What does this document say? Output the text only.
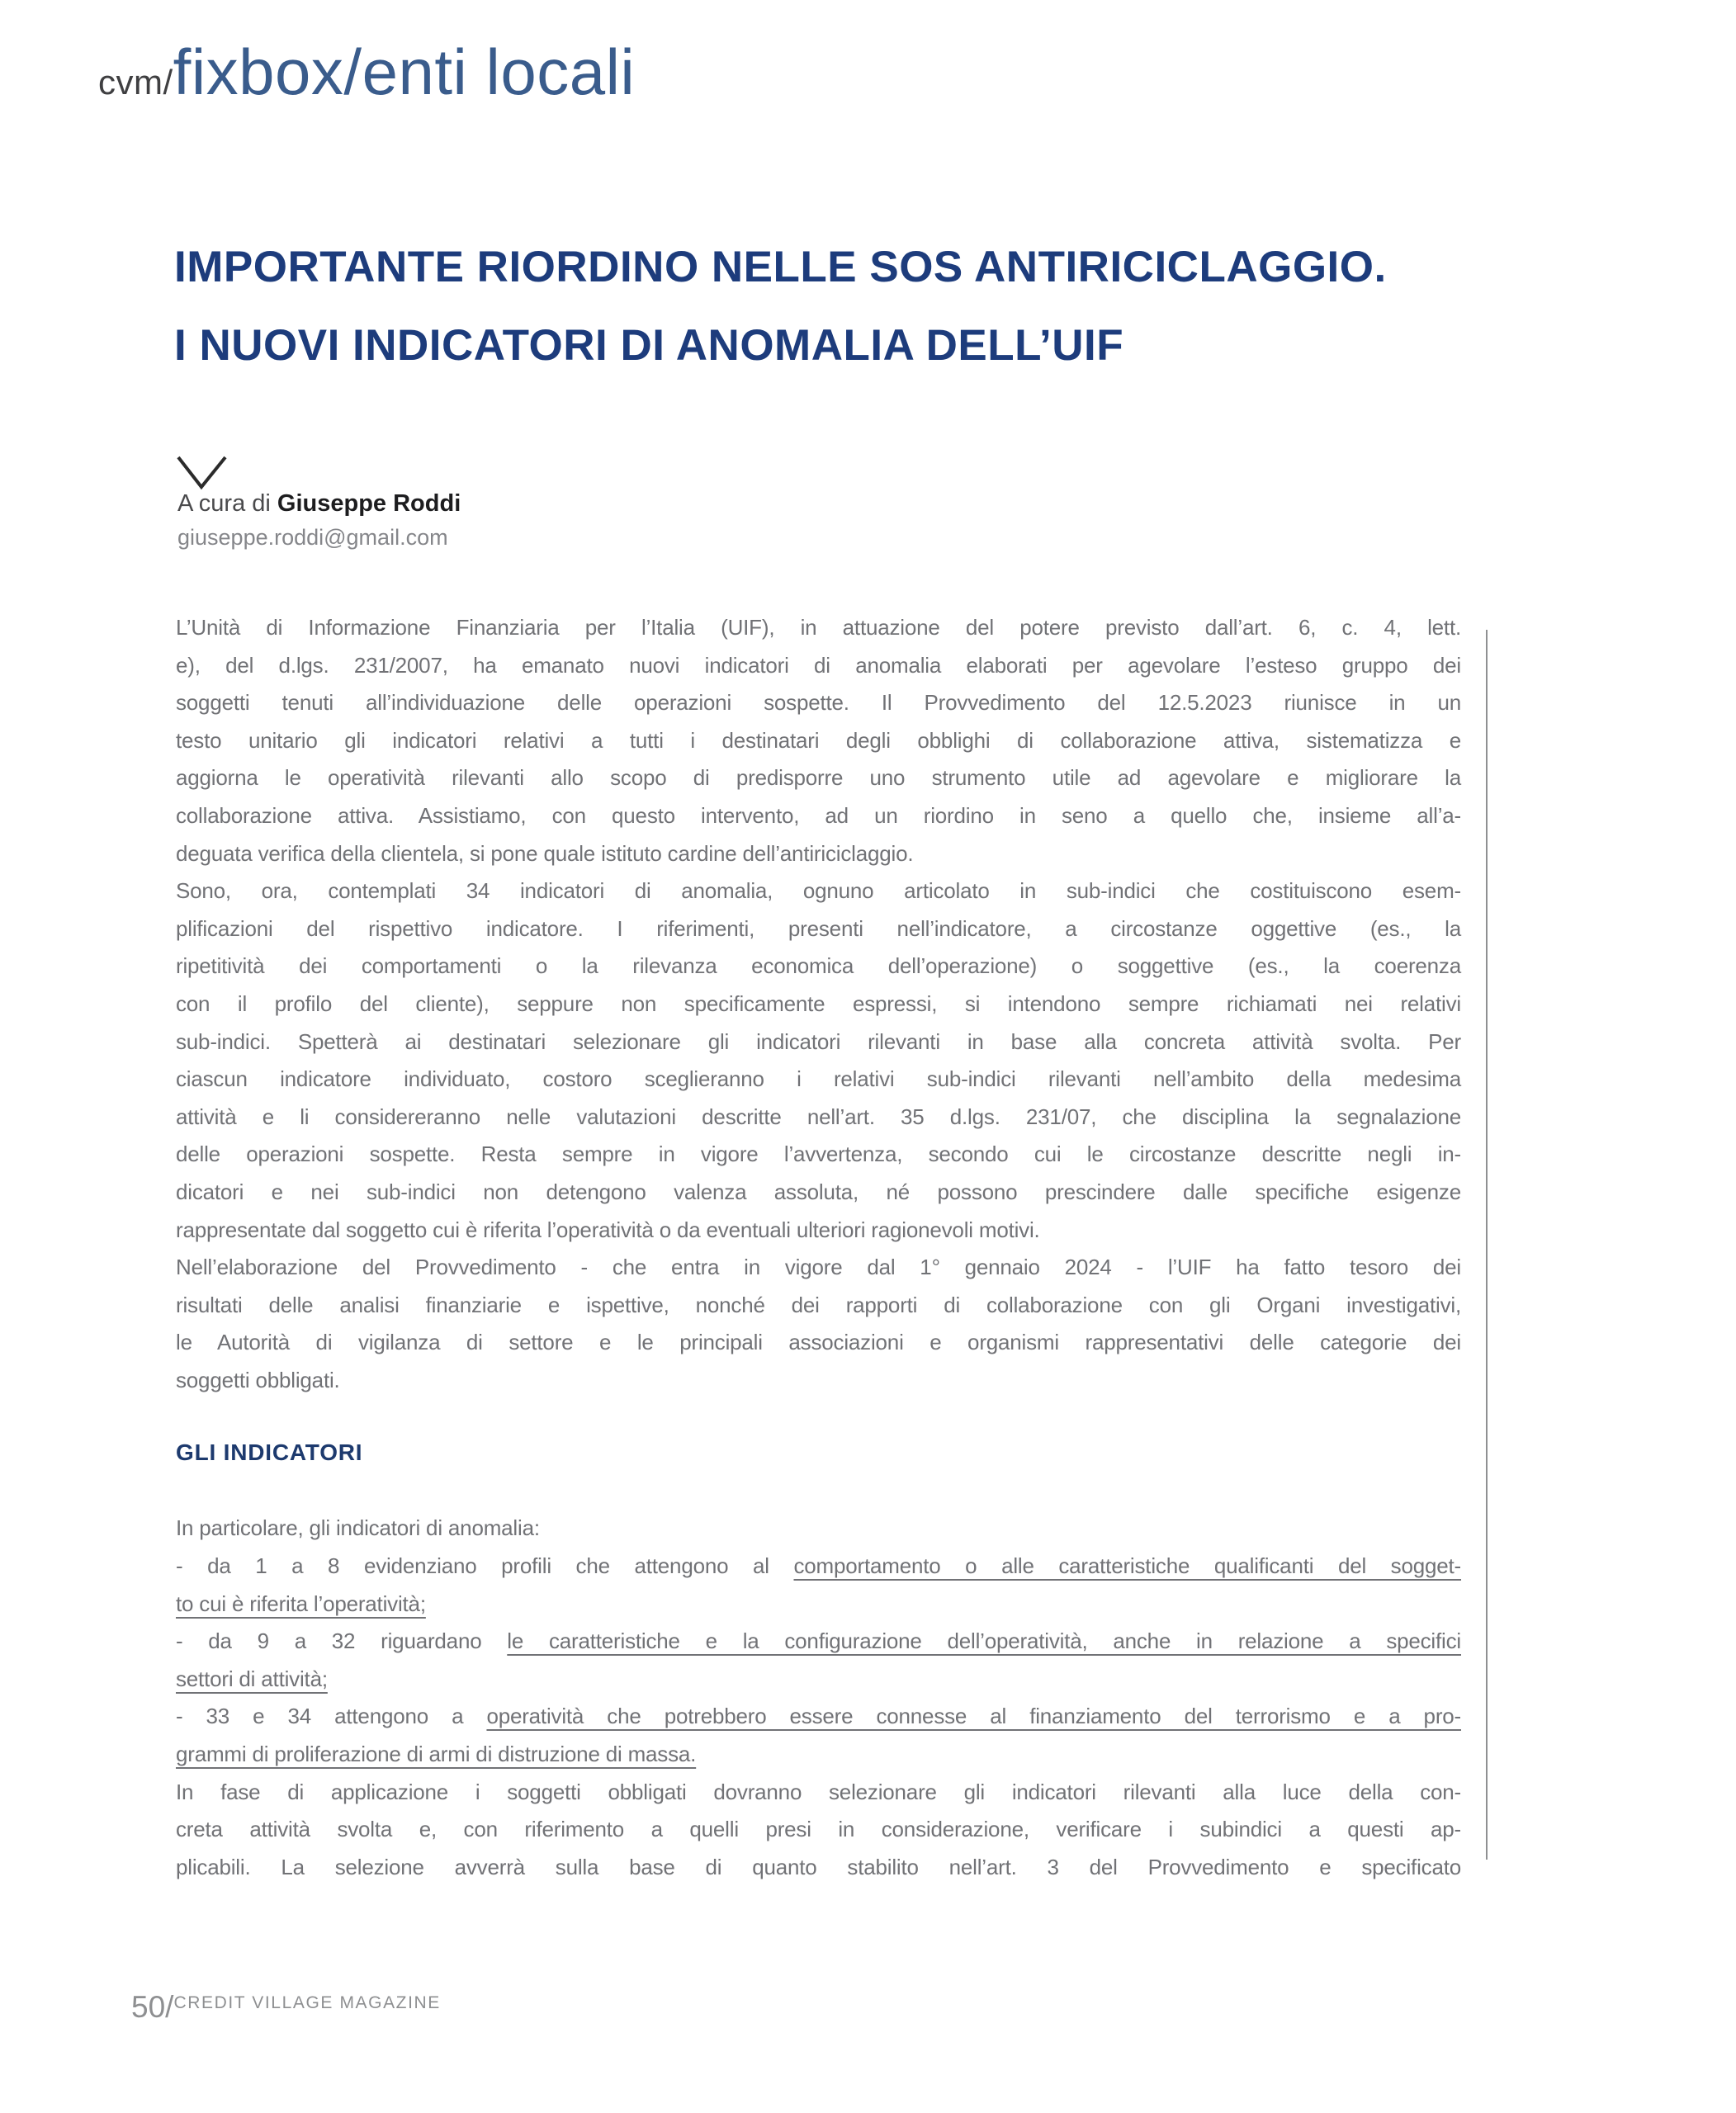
cvm/fixbox/enti locali
IMPORTANTE RIORDINO NELLE SOS ANTIRICICLAGGIO.
I NUOVI INDICATORI DI ANOMALIA DELL’UIF
A cura di Giuseppe Roddi
giuseppe.roddi@gmail.com
L’Unità di Informazione Finanziaria per l’Italia (UIF), in attuazione del potere previsto dall’art. 6, c. 4, lett.
e), del d.lgs. 231/2007, ha emanato nuovi indicatori di anomalia elaborati per agevolare l’esteso gruppo dei
soggetti tenuti all’individuazione delle operazioni sospette. Il Provvedimento del 12.5.2023 riunisce in un
testo unitario gli indicatori relativi a tutti i destinatari degli obblighi di collaborazione attiva, sistematizza e
aggiorna le operatività rilevanti allo scopo di predisporre uno strumento utile ad agevolare e migliorare la
collaborazione attiva. Assistiamo, con questo intervento, ad un riordino in seno a quello che, insieme all’a-
deguata verifica della clientela, si pone quale istituto cardine dell’antiriciclaggio.
Sono, ora, contemplati 34 indicatori di anomalia, ognuno articolato in sub-indici che costituiscono esem-
plificazioni del rispettivo indicatore. I riferimenti, presenti nell’indicatore, a circostanze oggettive (es., la
ripetitività dei comportamenti o la rilevanza economica dell’operazione) o soggettive (es., la coerenza
con il profilo del cliente), seppure non specificamente espressi, si intendono sempre richiamati nei relativi
sub-indici. Spetterà ai destinatari selezionare gli indicatori rilevanti in base alla concreta attività svolta. Per
ciascun indicatore individuato, costoro sceglieranno i relativi sub-indici rilevanti nell’ambito della medesima
attività e li considereranno nelle valutazioni descritte nell’art. 35 d.lgs. 231/07, che disciplina la segnalazione
delle operazioni sospette. Resta sempre in vigore l’avvertenza, secondo cui le circostanze descritte negli in-
dicatori e nei sub-indici non detengono valenza assoluta, né possono prescindere dalle specifiche esigenze
rappresentate dal soggetto cui è riferita l’operatività o da eventuali ulteriori ragionevoli motivi.
Nell’elaborazione del Provvedimento - che entra in vigore dal 1° gennaio 2024 - l’UIF ha fatto tesoro dei
risultati delle analisi finanziarie e ispettive, nonché dei rapporti di collaborazione con gli Organi investigativi,
le Autorità di vigilanza di settore e le principali associazioni e organismi rappresentativi delle categorie dei
soggetti obbligati.
GLI INDICATORI
In particolare, gli indicatori di anomalia:
- da 1 a 8 evidenziano profili che attengono al comportamento o alle caratteristiche qualificanti del sogget-
to cui è riferita l’operatività;
- da 9 a 32 riguardano le caratteristiche e la configurazione dell’operatività, anche in relazione a specifici
settori di attività;
- 33 e 34 attengono a operatività che potrebbero essere connesse al finanziamento del terrorismo e a pro-
grammi di proliferazione di armi di distruzione di massa.
In fase di applicazione i soggetti obbligati dovranno selezionare gli indicatori rilevanti alla luce della con-
creta attività svolta e, con riferimento a quelli presi in considerazione, verificare i subindici a questi ap-
plicabili. La selezione avverrà sulla base di quanto stabilito nell’art. 3 del Provvedimento e specificato
50/ CREDIT VILLAGE MAGAZINE
